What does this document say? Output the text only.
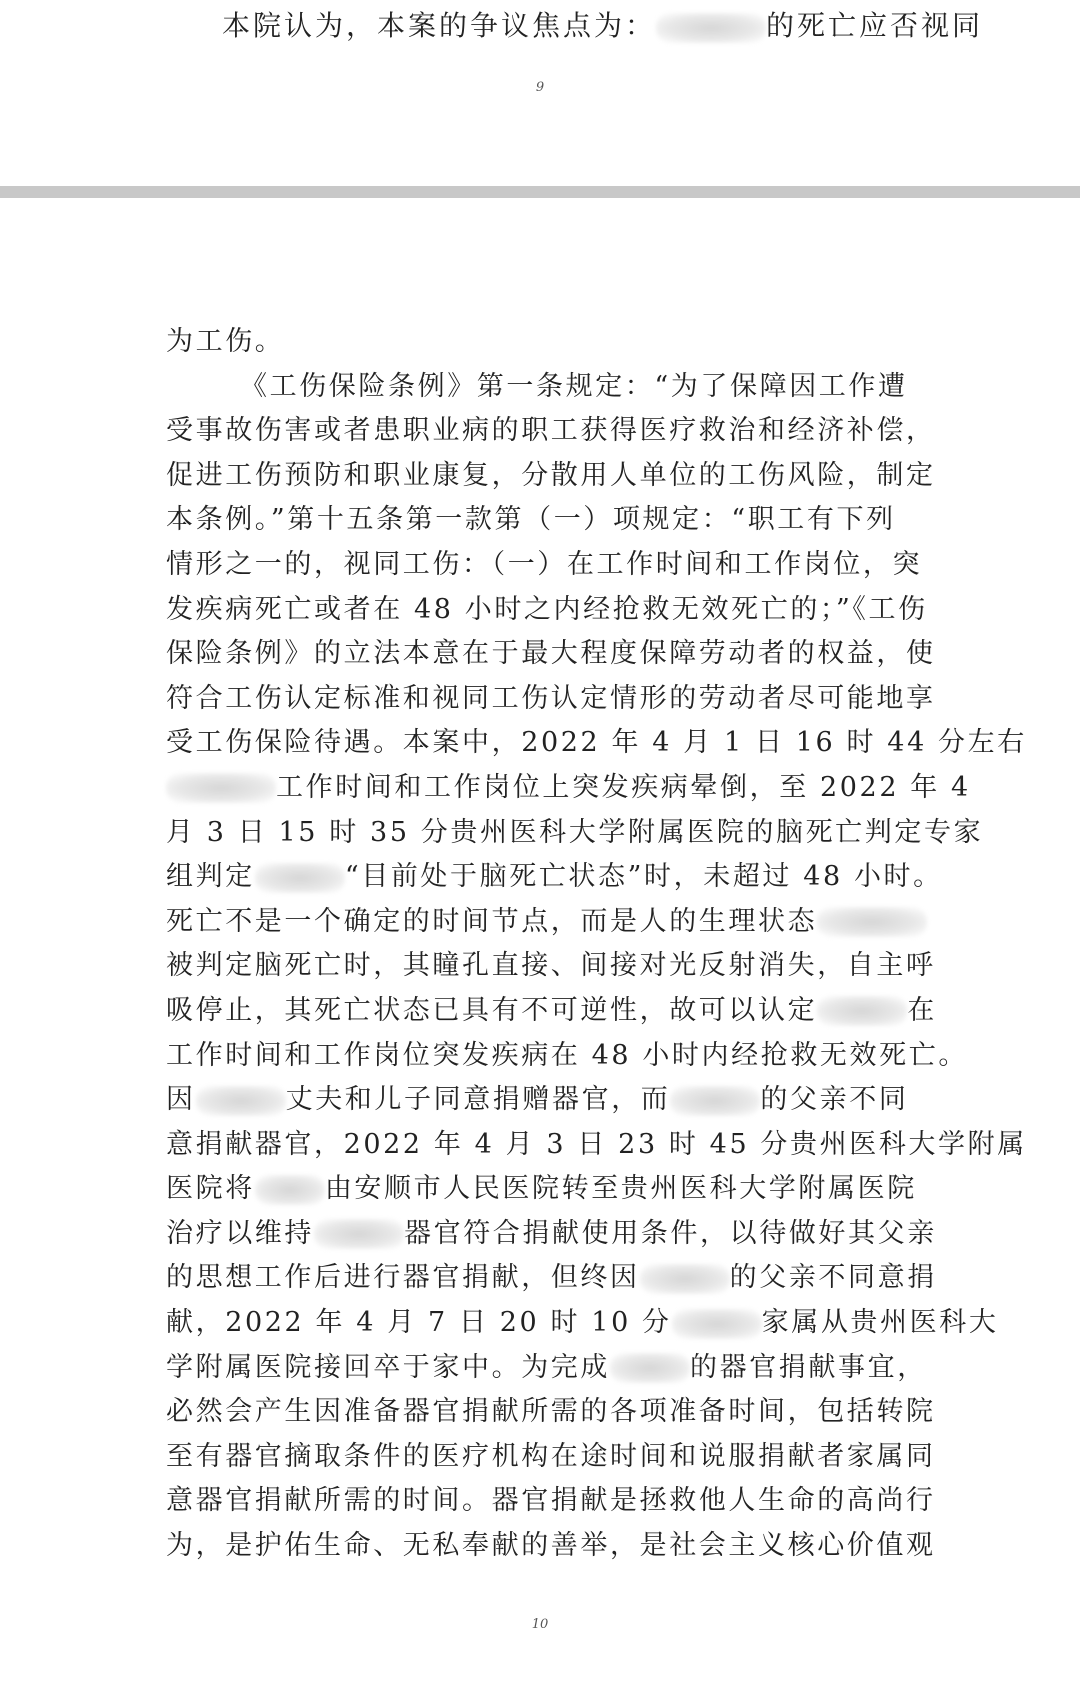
本院认为，本案的争议焦点为：	的死亡应否视同
9
为工伤。
《工伤保险条例》第一条规定：“为了保障因工作遭
受事故伤害或者患职业病的职工获得医疗救治和经济补偿，
促进工伤预防和职业康复，分散用人单位的工伤风险，制定
本条例。”第十五条第一款第（一）项规定：“职工有下列
情形之一的，视同工伤：（一）在工作时间和工作岗位，突
发疾病死亡或者在 48 小时之内经抢救无效死亡的；”《工伤
保险条例》的立法本意在于最大程度保障劳动者的权益，使
符合工伤认定标准和视同工伤认定情形的劳动者尽可能地享
受工伤保险待遇。本案中，2022 年 4 月 1 日 16 时 44 分左右
工作时间和工作岗位上突发疾病晕倒，至 2022 年 4
月 3 日 15 时 35 分贵州医科大学附属医院的脑死亡判定专家
组判定	“目前处于脑死亡状态”时，未超过 48 小时。
死亡不是一个确定的时间节点，而是人的生理状态
被判定脑死亡时，其瞳孔直接、间接对光反射消失，自主呼
吸停止，其死亡状态已具有不可逆性，故可以认定	在
工作时间和工作岗位突发疾病在 48 小时内经抢救无效死亡。
因	丈夫和儿子同意捐赠器官，而	的父亲不同
意捐献器官，2022 年 4 月 3 日 23 时 45 分贵州医科大学附属
医院将	由安顺市人民医院转至贵州医科大学附属医院
治疗以维持	器官符合捐献使用条件，以待做好其父亲
的思想工作后进行器官捐献，但终因	的父亲不同意捐
献，2022 年 4 月 7 日 20 时 10 分	家属从贵州医科大
学附属医院接回卒于家中。为完成	的器官捐献事宜，
必然会产生因准备器官捐献所需的各项准备时间，包括转院
至有器官摘取条件的医疗机构在途时间和说服捐献者家属同
意器官捐献所需的时间。器官捐献是拯救他人生命的高尚行
为，是护佑生命、无私奉献的善举，是社会主义核心价值观
10
